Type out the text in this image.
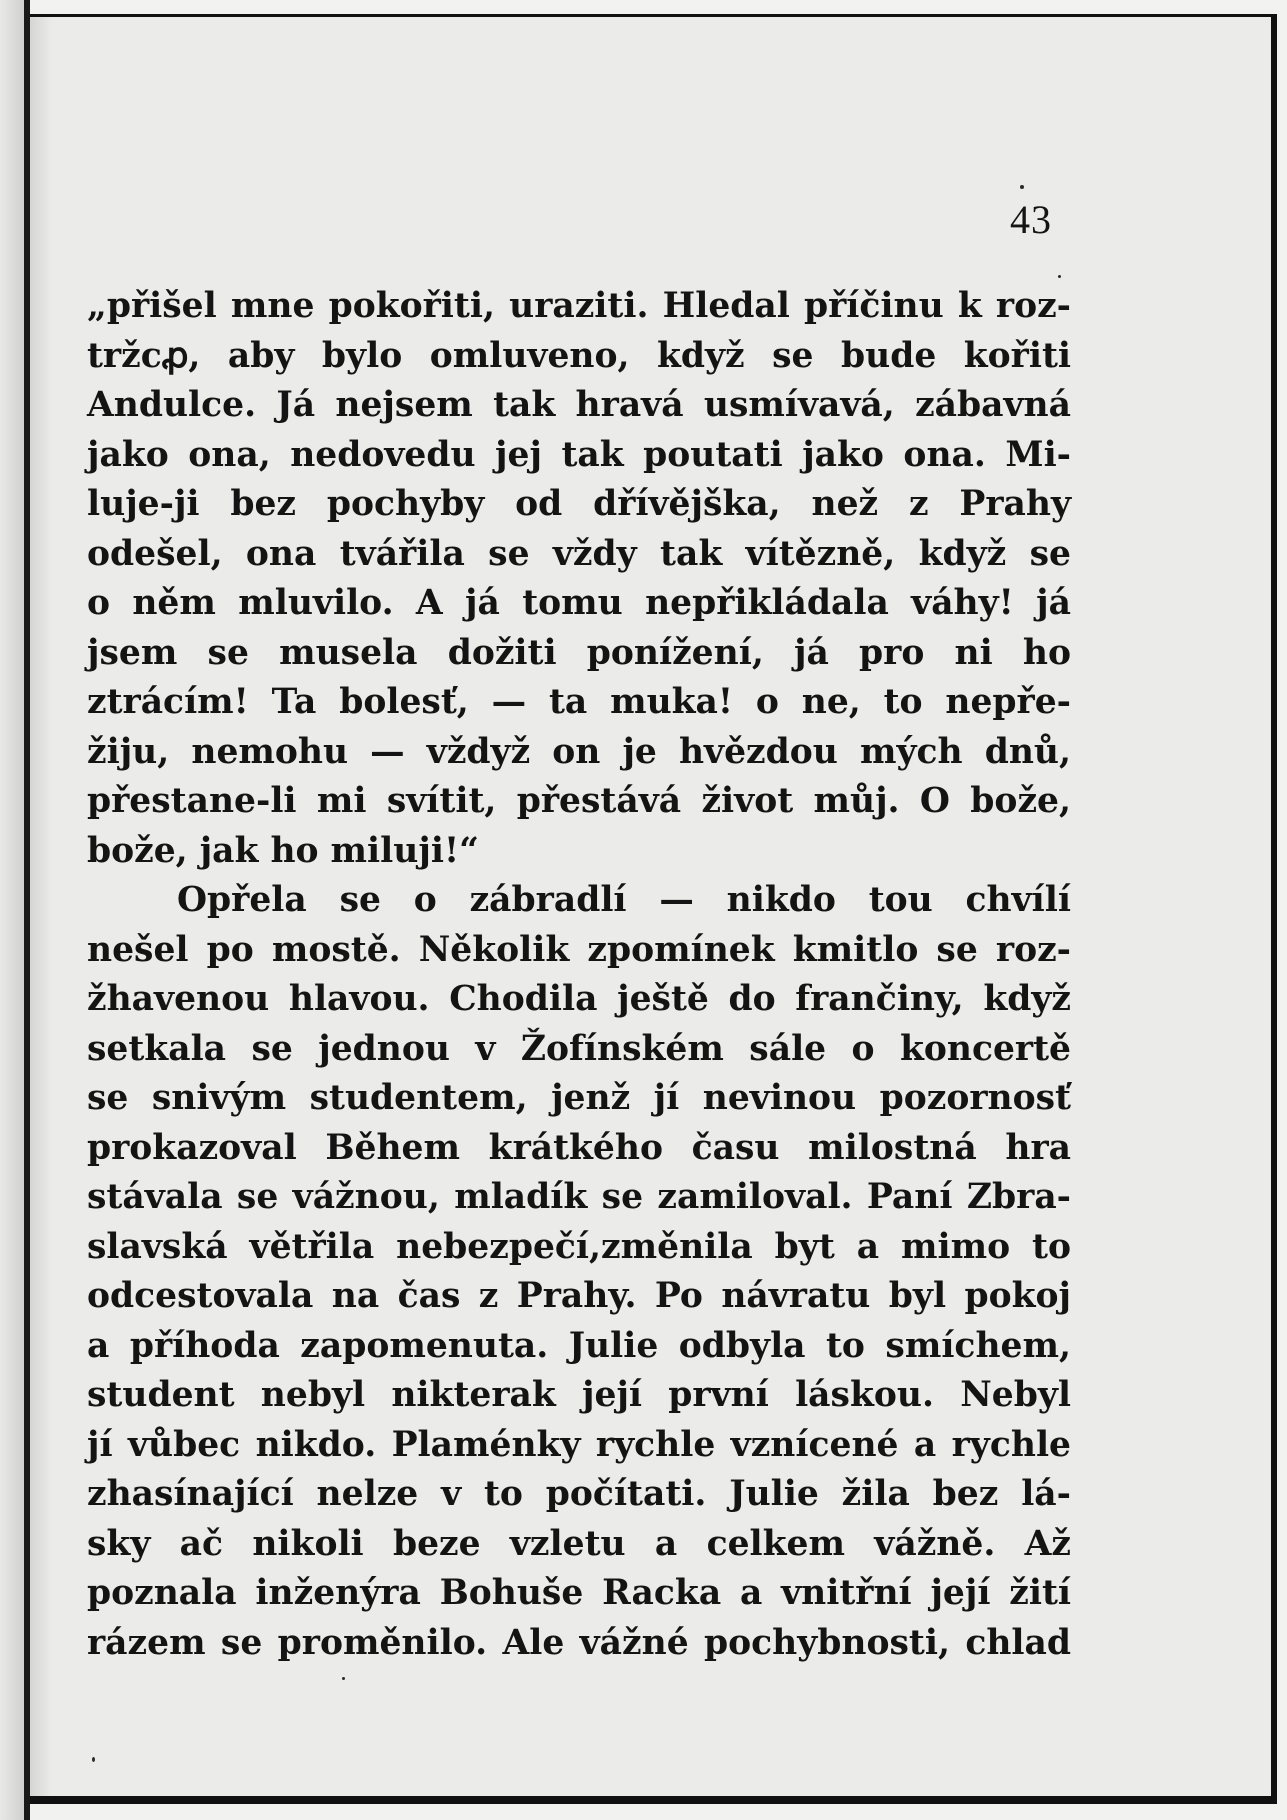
43

„přišel mne pokořiti, uraziti. Hledal příčinu k roz-
tržcꝓ, aby bylo omluveno, když se bude kořiti
Andulce. Já nejsem tak hravá usmívavá, zábavná
jako ona, nedovedu jej tak poutati jako ona. Mi-
luje-ji bez pochyby od dřívějška, než z Prahy
odešel, ona tvářila se vždy tak vítězně, když se
o něm mluvilo. A já tomu nepřikládala váhy! já
jsem se musela dožiti ponížení, já pro ni ho
ztrácím! Ta bolesť, — ta muka! o ne, to nepře-
žiju, nemohu — vždyž on je hvězdou mých dnů,
přestane-li mi svítit, přestává život můj. O bože,
bože, jak ho miluji!“
Opřela se o zábradlí — nikdo tou chvílí
nešel po mostě. Několik zpomínek kmitlo se roz-
žhavenou hlavou. Chodila ještě do frančiny, když
setkala se jednou v Žofínském sále o koncertě
se snivým studentem, jenž jí nevinou pozornosť
prokazoval Během krátkého času milostná hra
stávala se vážnou, mladík se zamiloval. Paní Zbra-
slavská větřila nebezpečí,změnila byt a mimo to
odcestovala na čas z Prahy. Po návratu byl pokoj
a příhoda zapomenuta. Julie odbyla to smíchem,
student nebyl nikterak její první láskou. Nebyl
jí vůbec nikdo. Plaménky rychle vznícené a rychle
zhasínající nelze v to počítati. Julie žila bez lá-
sky ač nikoli beze vzletu a celkem vážně. Až
poznala inženýra Bohuše Racka a vnitřní její žití
rázem se proměnilo. Ale vážné pochybnosti, chlad
